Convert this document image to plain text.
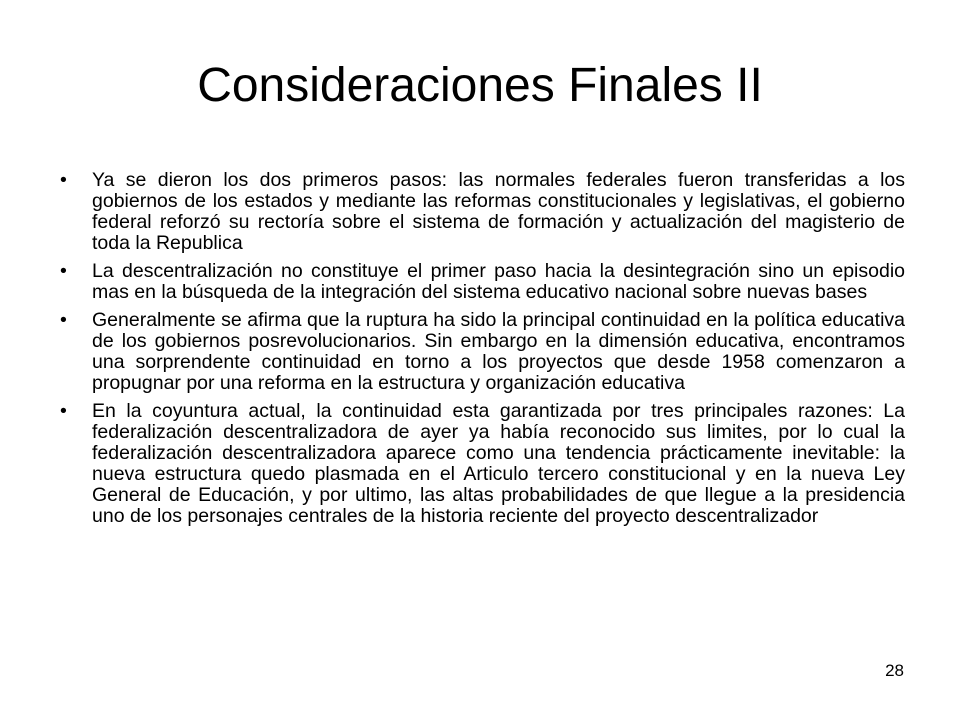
Consideraciones Finales II
• Ya se dieron los dos primeros pasos: las normales federales fueron transferidas a los gobiernos de los estados y mediante las reformas constitucionales y legislativas, el gobierno federal reforzó su rectoría sobre el sistema de formación y actualización del magisterio de toda la Republica
• La descentralización no constituye el primer paso hacia la desintegración sino un episodio mas en la búsqueda de la integración del sistema educativo nacional sobre nuevas bases
• Generalmente se afirma que la ruptura ha sido la principal continuidad en la política educativa de los gobiernos posrevolucionarios. Sin embargo en la dimensión educativa, encontramos una sorprendente continuidad en torno a los proyectos que desde 1958 comenzaron a propugnar por una reforma en la estructura y organización educativa
• En la coyuntura actual, la continuidad esta garantizada por tres principales razones: La federalización descentralizadora de ayer ya había reconocido sus limites, por lo cual la federalización descentralizadora aparece como una tendencia prácticamente inevitable: la nueva estructura quedo plasmada en el Articulo tercero constitucional y en la nueva Ley General de Educación, y por ultimo, las altas probabilidades de que llegue a la presidencia uno de los personajes centrales de la historia reciente del proyecto descentralizador
28
